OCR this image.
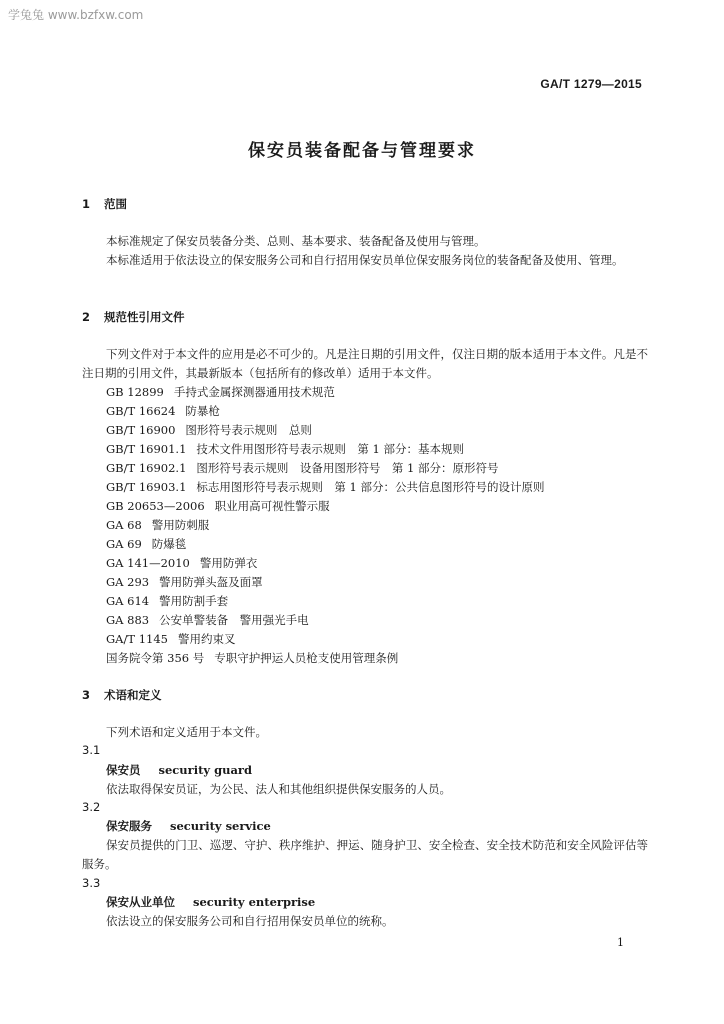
学兔兔 www.bzfxw.com
GA/T 1279—2015
保安员装备配备与管理要求
1 范围
本标准规定了保安员装备分类、总则、基本要求、装备配备及使用与管理。
本标准适用于依法设立的保安服务公司和自行招用保安员单位保安服务岗位的装备配备及使用、管理。
2 规范性引用文件
下列文件对于本文件的应用是必不可少的。凡是注日期的引用文件，仅注日期的版本适用于本文件。凡是不注日期的引用文件，其最新版本（包括所有的修改单）适用于本文件。
GB 12899 手持式金属探测器通用技术规范
GB/T 16624 防暴枪
GB/T 16900 图形符号表示规则　总则
GB/T 16901.1 技术文件用图形符号表示规则　第 1 部分：基本规则
GB/T 16902.1 图形符号表示规则　设备用图形符号　第 1 部分：原形符号
GB/T 16903.1 标志用图形符号表示规则　第 1 部分：公共信息图形符号的设计原则
GB 20653—2006 职业用高可视性警示服
GA 68 警用防刺服
GA 69 防爆毯
GA 141—2010 警用防弹衣
GA 293 警用防弹头盔及面罩
GA 614 警用防割手套
GA 883 公安单警装备　警用强光手电
GA/T 1145 警用约束叉
国务院令第 356 号 专职守护押运人员枪支使用管理条例
3 术语和定义
下列术语和定义适用于本文件。
3.1
保安员 security guard
依法取得保安员证，为公民、法人和其他组织提供保安服务的人员。
3.2
保安服务 security service
保安员提供的门卫、巡逻、守护、秩序维护、押运、随身护卫、安全检查、安全技术防范和安全风险评估等服务。
3.3
保安从业单位 security enterprise
依法设立的保安服务公司和自行招用保安员单位的统称。
1
